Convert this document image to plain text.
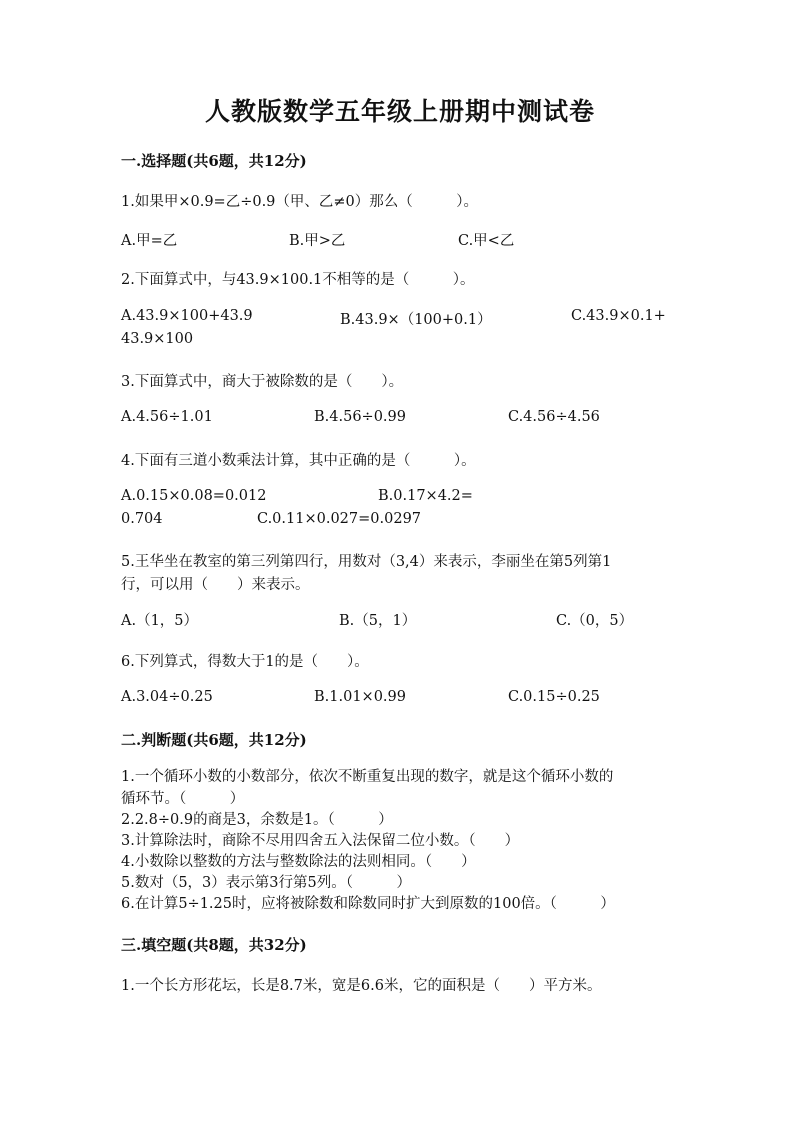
人教版数学五年级上册期中测试卷
一.选择题(共6题，共12分)
1.如果甲×0.9=乙÷0.9（甲、乙≠0）那么（　　　）。
A.甲=乙	B.甲>乙	C.甲<乙
2.下面算式中，与43.9×100.1不相等的是（　　　）。
A.43.9×100+43.9	B.43.9×（100+0.1）	C.43.9×0.1+
43.9×100
3.下面算式中，商大于被除数的是（　　）。
A.4.56÷1.01	B.4.56÷0.99	C.4.56÷4.56
4.下面有三道小数乘法计算，其中正确的是（　　　）。
A.0.15×0.08=0.012	B.0.17×4.2=
0.704	C.0.11×0.027=0.0297
5.王华坐在教室的第三列第四行，用数对（3,4）来表示，李丽坐在第5列第1
行，可以用（　　）来表示。
A.（1，5）	B.（5，1）	C.（0，5）
6.下列算式，得数大于1的是（　　）。
A.3.04÷0.25	B.1.01×0.99	C.0.15÷0.25
二.判断题(共6题，共12分)
1.一个循环小数的小数部分，依次不断重复出现的数字，就是这个循环小数的
循环节。（　　　）
2.2.8÷0.9的商是3，余数是1。（　　　）
3.计算除法时，商除不尽用四舍五入法保留二位小数。（　　）
4.小数除以整数的方法与整数除法的法则相同。（　　）
5.数对（5，3）表示第3行第5列。（　　　）
6.在计算5÷1.25时，应将被除数和除数同时扩大到原数的100倍。（　　　）
三.填空题(共8题，共32分)
1.一个长方形花坛，长是8.7米，宽是6.6米，它的面积是（　　）平方米。
